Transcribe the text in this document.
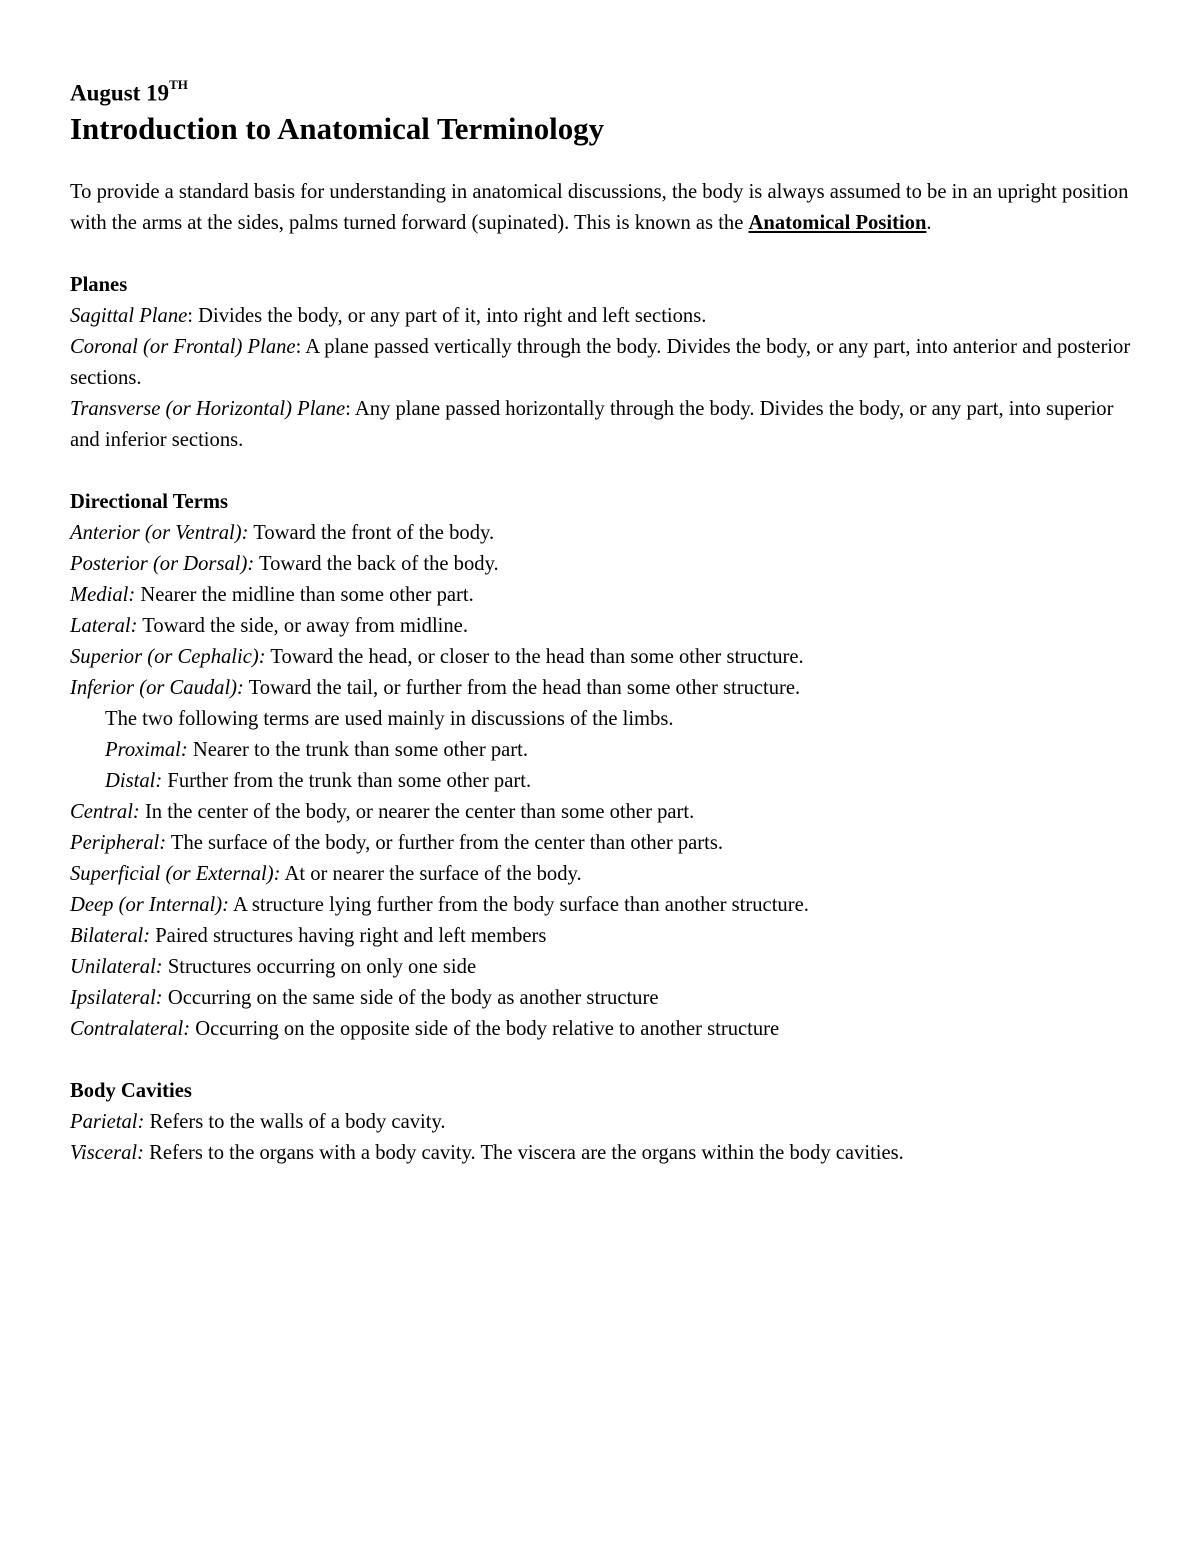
August 19TH
Introduction to Anatomical Terminology

To provide a standard basis for understanding in anatomical discussions, the body is always assumed to be in an upright position with the arms at the sides, palms turned forward (supinated). This is known as the Anatomical Position.

Planes

Sagittal Plane: Divides the body, or any part of it, into right and left sections.

Coronal (or Frontal) Plane: A plane passed vertically through the body. Divides the body, or any part, into anterior and posterior sections.

Transverse (or Horizontal) Plane: Any plane passed horizontally through the body. Divides the body, or any part, into superior and inferior sections.

Directional Terms

Anterior (or Ventral): Toward the front of the body.

Posterior (or Dorsal): Toward the back of the body.

Medial: Nearer the midline than some other part.

Lateral: Toward the side, or away from midline.

Superior (or Cephalic): Toward the head, or closer to the head than some other structure.

Inferior (or Caudal): Toward the tail, or further from the head than some other structure.

The two following terms are used mainly in discussions of the limbs.

Proximal: Nearer to the trunk than some other part.

Distal: Further from the trunk than some other part.

Central: In the center of the body, or nearer the center than some other part.

Peripheral: The surface of the body, or further from the center than other parts.

Superficial (or External): At or nearer the surface of the body.

Deep (or Internal): A structure lying further from the body surface than another structure.

Bilateral: Paired structures having right and left members

Unilateral: Structures occurring on only one side

Ipsilateral: Occurring on the same side of the body as another structure

Contralateral: Occurring on the opposite side of the body relative to another structure

Body Cavities

Parietal: Refers to the walls of a body cavity.

Visceral: Refers to the organs with a body cavity. The viscera are the organs within the body cavities.
